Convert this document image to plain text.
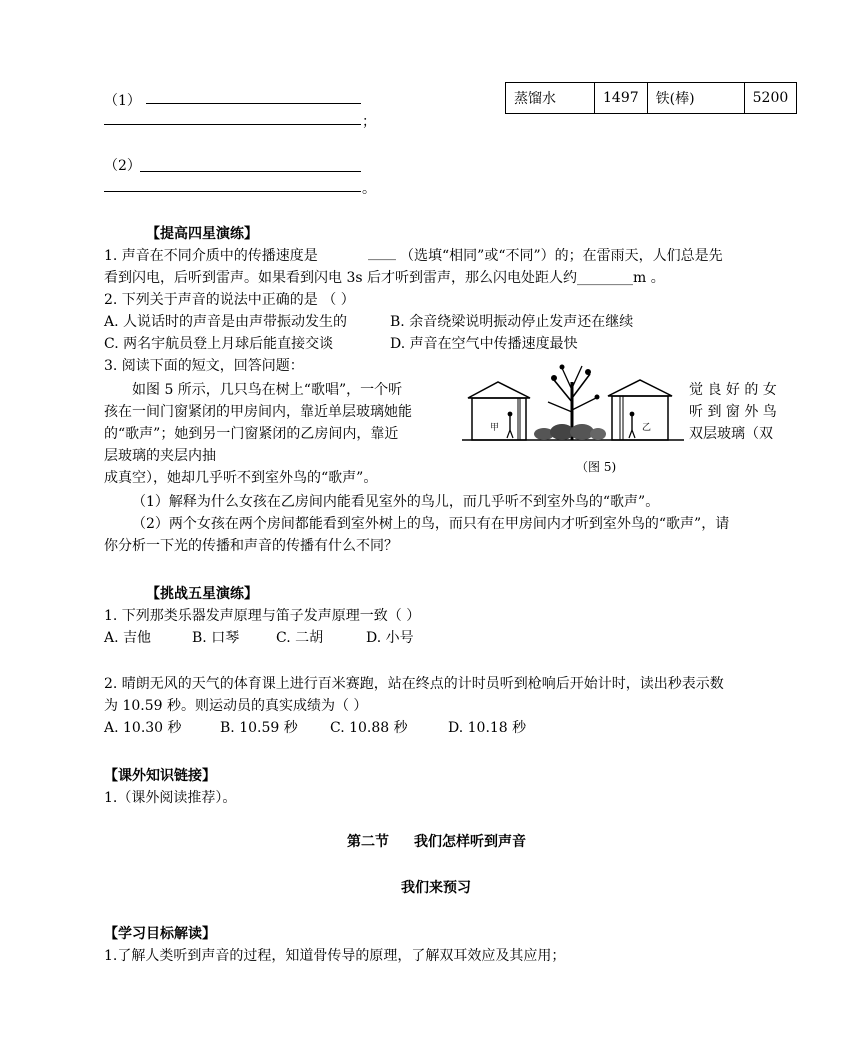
（1）
；
（2）
。
蒸馏水	1497	铁(棒)	5200
【提高四星演练】
1. 声音在不同介质中的传播速度是	____ （选填“相同”或“不同”）的；在雷雨天，人们总是先
看到闪电，后听到雷声。如果看到闪电 3s 后才听到雷声，那么闪电处距人约________m 。
2. 下列关于声音的说法中正确的是 （ ）
A. 人说话时的声音是由声带振动发生的	B. 余音绕梁说明振动停止发声还在继续
C. 两名宇航员登上月球后能直接交谈	D. 声音在空气中传播速度最快
3. 阅读下面的短文，回答问题：
如图 5 所示，几只鸟在树上“歌唱”，一个听	觉 良 好 的 女
孩在一间门窗紧闭的甲房间内，靠近单层玻璃她能	听 到 窗 外 鸟
的“歌声”；她到另一门窗紧闭的乙房间内，靠近	双层玻璃（双
层玻璃的夹层内抽
成真空），她却几乎听不到室外鸟的“歌声”。
甲	乙
（图 5)
（1）解释为什么女孩在乙房间内能看见室外的鸟儿，而几乎听不到室外鸟的“歌声”。
（2）两个女孩在两个房间都能看到室外树上的鸟，而只有在甲房间内才听到室外鸟的“歌声”，请
你分析一下光的传播和声音的传播有什么不同？
【挑战五星演练】
1. 下列那类乐器发声原理与笛子发声原理一致（ ）
A. 吉他	B. 口琴	C. 二胡	D. 小号
2. 晴朗无风的天气的体育课上进行百米赛跑，站在终点的计时员听到枪响后开始计时，读出秒表示数
为 10.59 秒。则运动员的真实成绩为（ ）
A. 10.30 秒	B. 10.59 秒 C. 10.88 秒	D. 10.18 秒
【课外知识链接】
1.（课外阅读推荐）。
第二节 我们怎样听到声音
我们来预习
【学习目标解读】
1.了解人类听到声音的过程，知道骨传导的原理，了解双耳效应及其应用；
